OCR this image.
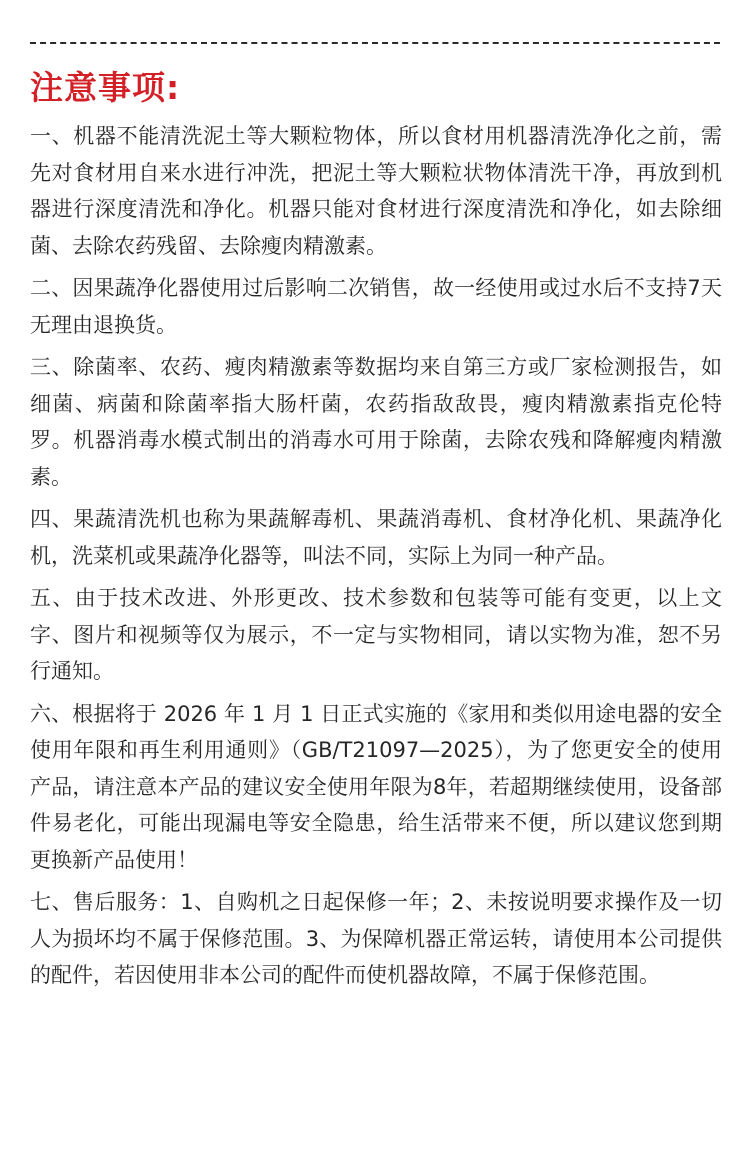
注意事项:

一、机器不能清洗泥土等大颗粒物体，所以食材用机器清洗净化之前，需先对食材用自来水进行冲洗，把泥土等大颗粒状物体清洗干净，再放到机器进行深度清洗和净化。机器只能对食材进行深度清洗和净化，如去除细菌、去除农药残留、去除瘦肉精激素。

二、因果蔬净化器使用过后影响二次销售，故一经使用或过水后不支持7天无理由退换货。

三、除菌率、农药、瘦肉精激素等数据均来自第三方或厂家检测报告，如细菌、病菌和除菌率指大肠杆菌，农药指敌敌畏，瘦肉精激素指克伦特罗。机器消毒水模式制出的消毒水可用于除菌，去除农残和降解瘦肉精激素。

四、果蔬清洗机也称为果蔬解毒机、果蔬消毒机、食材净化机、果蔬净化机，洗菜机或果蔬净化器等，叫法不同，实际上为同一种产品。

五、由于技术改进、外形更改、技术参数和包装等可能有变更，以上文字、图片和视频等仅为展示，不一定与实物相同，请以实物为准，恕不另行通知。

六、根据将于 2026 年 1 月 1 日正式实施的《家用和类似用途电器的安全使用年限和再生利用通则》（GB/T21097—2025），为了您更安全的使用产品，请注意本产品的建议安全使用年限为8年，若超期继续使用，设备部件易老化，可能出现漏电等安全隐患，给生活带来不便，所以建议您到期更换新产品使用！

七、售后服务：1、自购机之日起保修一年；2、未按说明要求操作及一切人为损坏均不属于保修范围。3、为保障机器正常运转，请使用本公司提供的配件，若因使用非本公司的配件而使机器故障，不属于保修范围。
